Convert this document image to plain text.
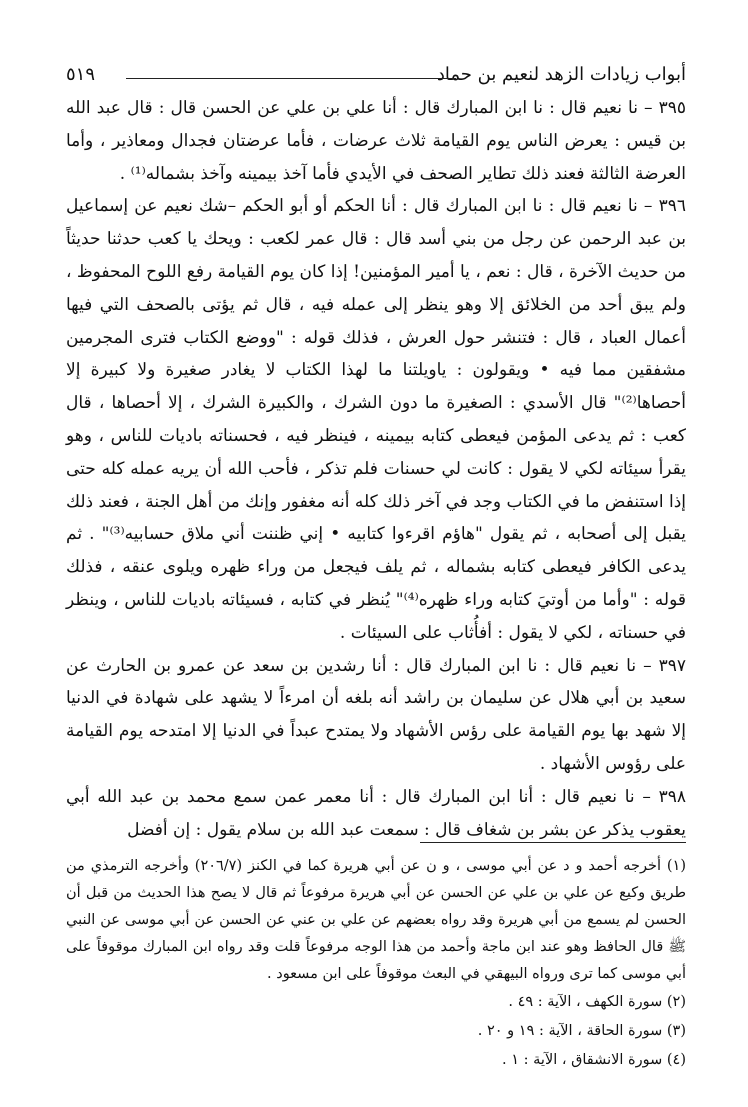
أبواب زيادات الزهد لنعيم بن حماد
٥١٩

٣٩٥ – نا نعيم قال : نا ابن المبارك قال : أنا علي بن علي عن الحسن قال : قال عبد الله بن قيس : يعرض الناس يوم القيامة ثلاث عرضات ، فأما عرضتان فجدال ومعاذير ، وأما العرضة الثالثة فعند ذلك تطاير الصحف في الأيدي فأما آخذ بيمينه وآخذ بشماله⁽¹⁾ .

٣٩٦ – نا نعيم قال : نا ابن المبارك قال : أنا الحكم أو أبو الحكم –شك نعيم عن إسماعيل بن عبد الرحمن عن رجل من بني أسد قال : قال عمر لكعب : ويحك يا كعب حدثنا حديثاً من حديث الآخرة ، قال : نعم ، يا أمير المؤمنين! إذا كان يوم القيامة رفع اللوح المحفوظ ، ولم يبق أحد من الخلائق إلا وهو ينظر إلى عمله فيه ، قال ثم يؤتى بالصحف التي فيها أعمال العباد ، قال : فتنشر حول العرش ، فذلك قوله : "ووضع الكتاب فترى المجرمين مشفقين مما فيه • ويقولون : ياويلتنا ما لهذا الكتاب لا يغادر صغيرة ولا كبيرة إلا أحصاها⁽²⁾" قال الأسدي : الصغيرة ما دون الشرك ، والكبيرة الشرك ، إلا أحصاها ، قال كعب : ثم يدعى المؤمن فيعطى كتابه بيمينه ، فينظر فيه ، فحسناته باديات للناس ، وهو يقرأ سيئاته لكي لا يقول : كانت لي حسنات فلم تذكر ، فأحب الله أن يريه عمله كله حتى إذا استنفض ما في الكتاب وجد في آخر ذلك كله أنه مغفور وإنك من أهل الجنة ، فعند ذلك يقبل إلى أصحابه ، ثم يقول "هاؤم اقرءوا كتابيه • إني ظننت أني ملاق حسابيه⁽³⁾" . ثم يدعى الكافر فيعطى كتابه بشماله ، ثم يلف فيجعل من وراء ظهره ويلوى عنقه ، فذلك قوله : "وأما من أوتيَ كتابه وراء ظهره⁽⁴⁾" يُنظر في كتابه ، فسيئاته باديات للناس ، وينظر في حسناته ، لكي لا يقول : أفأُثاب على السيئات .

٣٩٧ – نا نعيم قال : نا ابن المبارك قال : أنا رشدين بن سعد عن عمرو بن الحارث عن سعيد بن أبي هلال عن سليمان بن راشد أنه بلغه أن امرءاً لا يشهد على شهادة في الدنيا إلا شهد بها يوم القيامة على رؤس الأشهاد ولا يمتدح عبداً في الدنيا إلا امتدحه يوم القيامة على رؤوس الأشهاد .

٣٩٨ – نا نعيم قال : أنا ابن المبارك قال : أنا معمر عمن سمع محمد بن عبد الله أبي يعقوب يذكر عن بشر بن شغاف قال : سمعت عبد الله بن سلام يقول : إن أفضل

(١) أخرجه أحمد و د عن أبي موسى ، و ن عن أبي هريرة كما في الكنز (٢٠٦/٧) وأخرجه الترمذي من طريق وكيع عن علي بن علي عن الحسن عن أبي هريرة مرفوعاً ثم قال لا يصح هذا الحديث من قبل أن الحسن لم يسمع من أبي هريرة وقد رواه بعضهم عن علي بن عني عن الحسن عن أبي موسى عن النبي ﷺ قال الحافظ وهو عند ابن ماجة وأحمد من هذا الوجه مرفوعاً قلت وقد رواه ابن المبارك موقوفاً على أبي موسى كما ترى ورواه البيهقي في البعث موقوفاً على ابن مسعود .

(٢) سورة الكهف ، الآية : ٤٩ .

(٣) سورة الحاقة ، الآية : ١٩ و ٢٠ .

(٤) سورة الانشقاق ، الآية : ١ .
